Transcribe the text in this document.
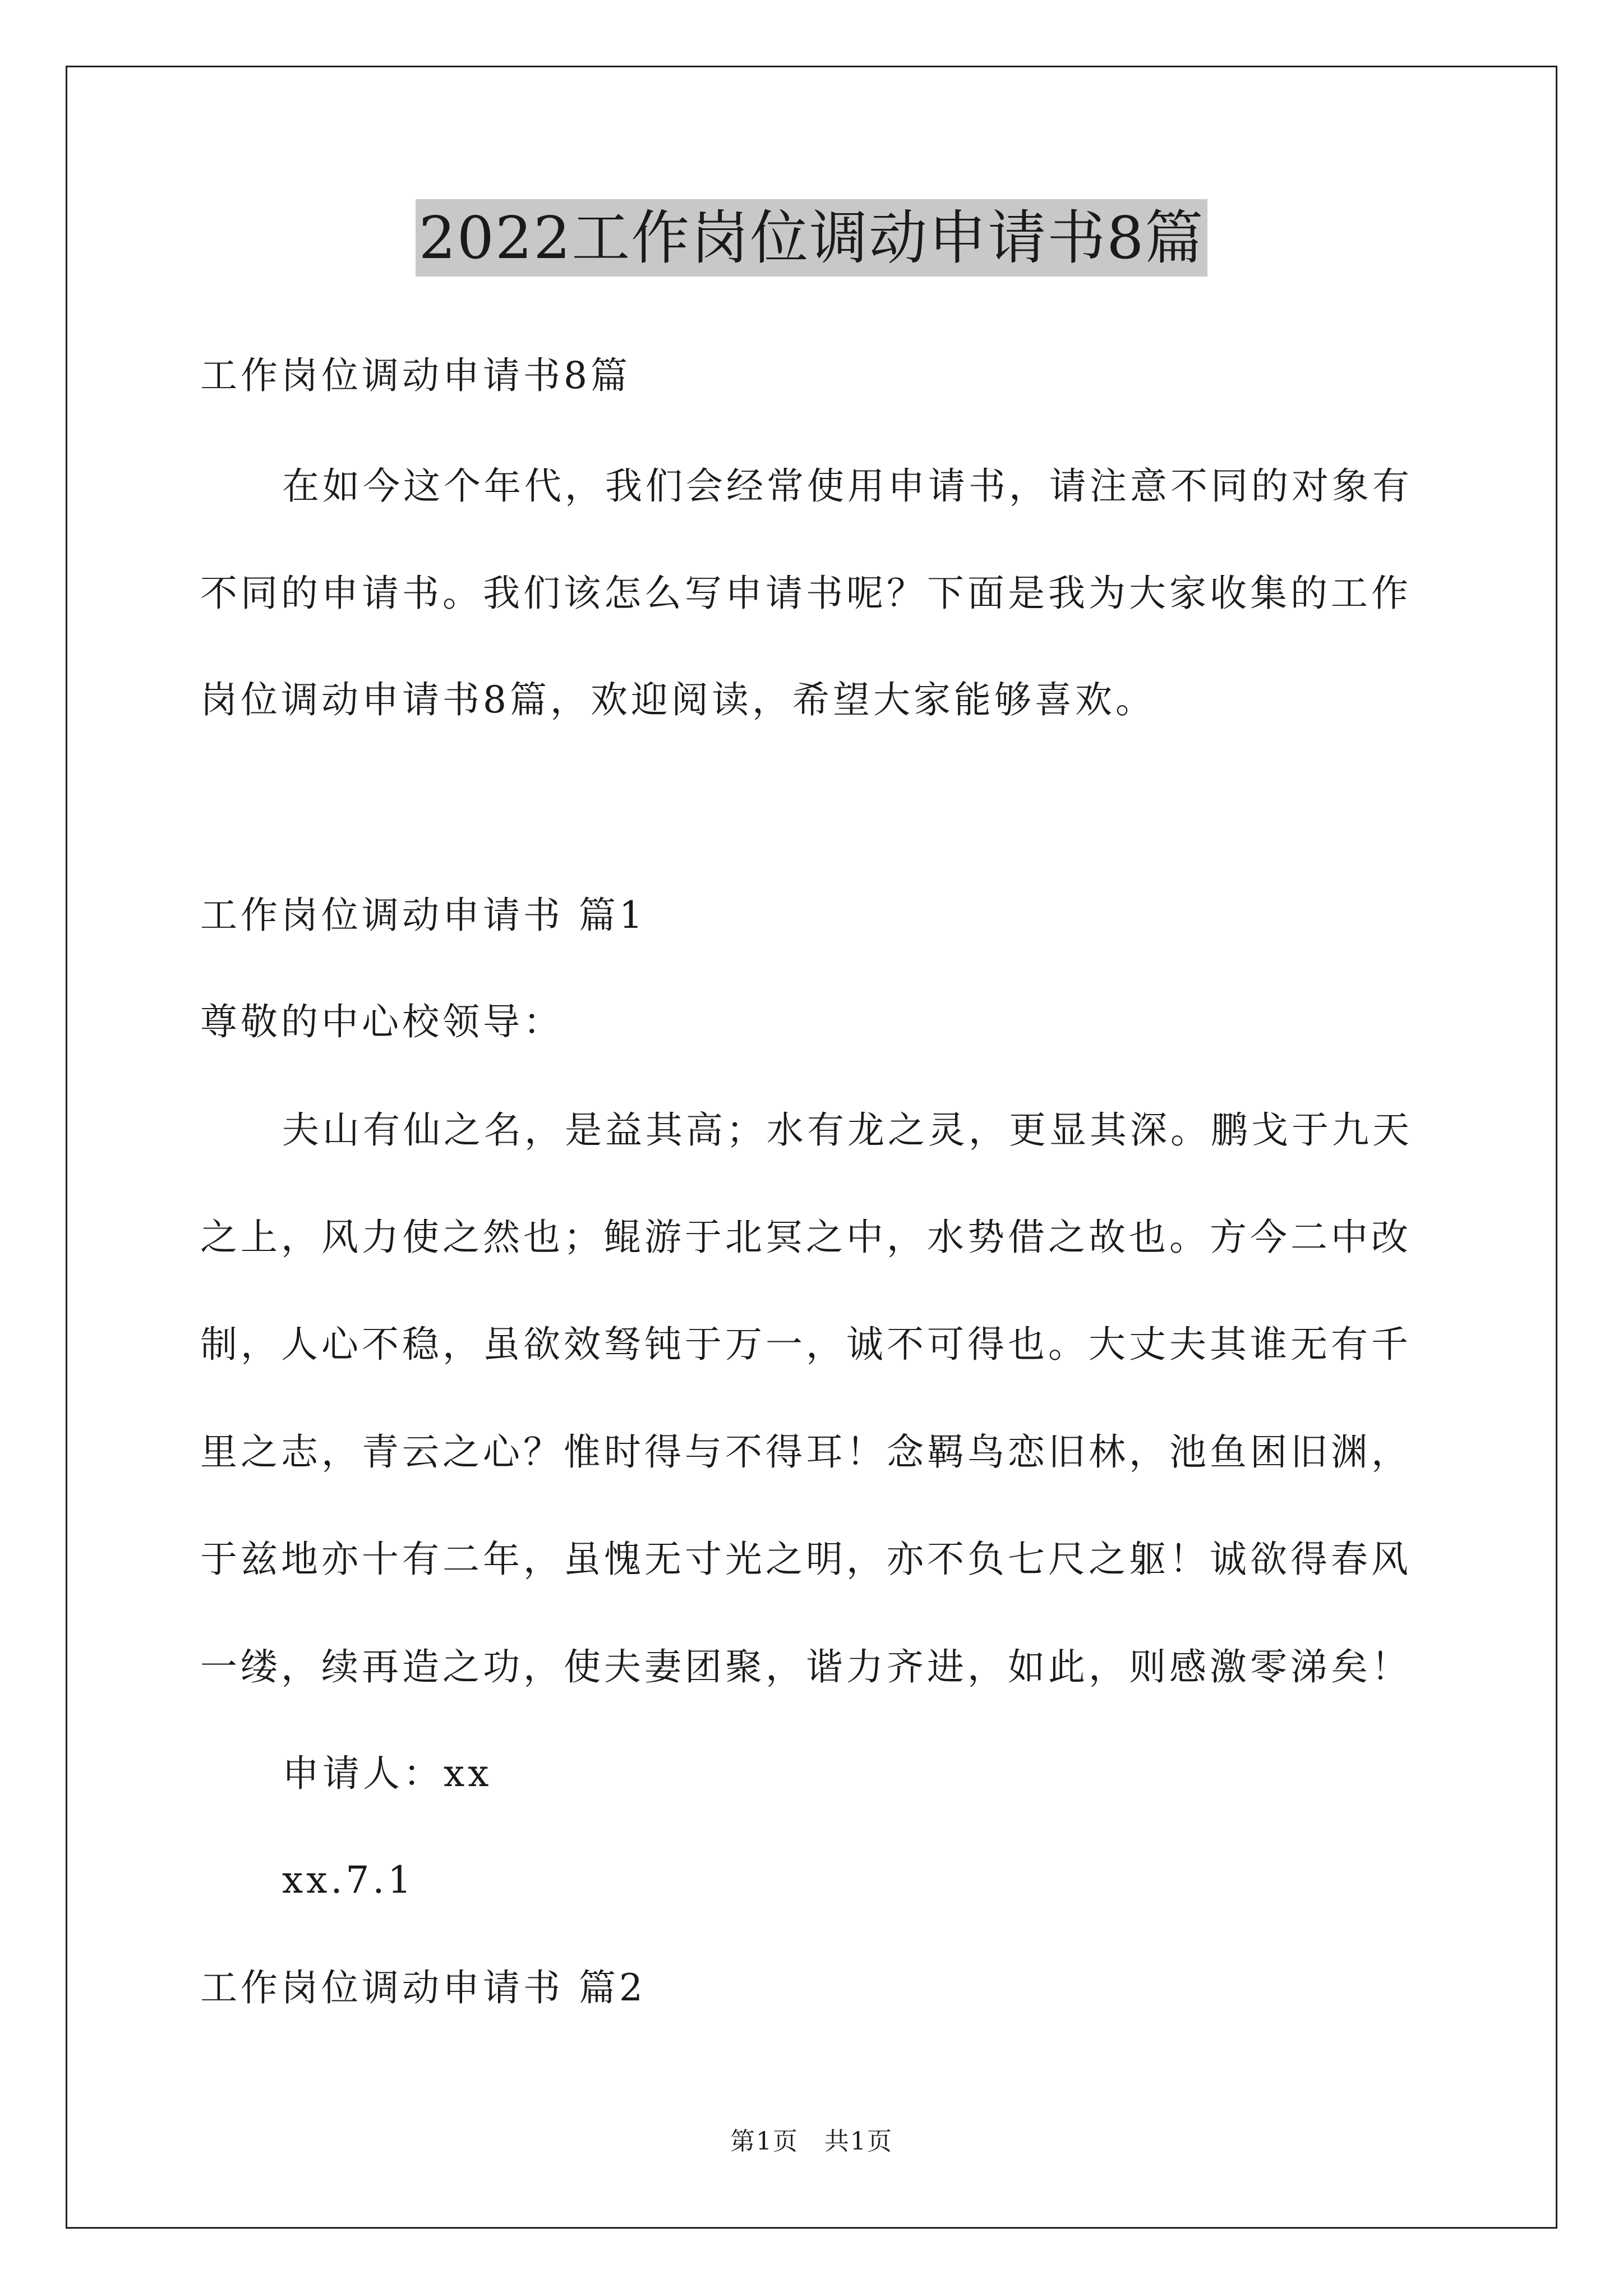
2022工作岗位调动申请书8篇
工作岗位调动申请书8篇
在如今这个年代，我们会经常使用申请书，请注意不同的对象有
不同的申请书。我们该怎么写申请书呢？下面是我为大家收集的工作
岗位调动申请书8篇，欢迎阅读，希望大家能够喜欢。
工作岗位调动申请书 篇1
尊敬的中心校领导：
夫山有仙之名，是益其高；水有龙之灵，更显其深。鹏戈于九天
之上，风力使之然也；鲲游于北冥之中，水势借之故也。方今二中改
制，人心不稳，虽欲效驽钝于万一，诚不可得也。大丈夫其谁无有千
里之志，青云之心？惟时得与不得耳！念羁鸟恋旧林，池鱼困旧渊，
于兹地亦十有二年，虽愧无寸光之明，亦不负七尺之躯！诚欲得春风
一缕，续再造之功，使夫妻团聚，谐力齐进，如此，则感激零涕矣！
申请人：xx
xx.7.1
工作岗位调动申请书 篇2
第1页　共1页
